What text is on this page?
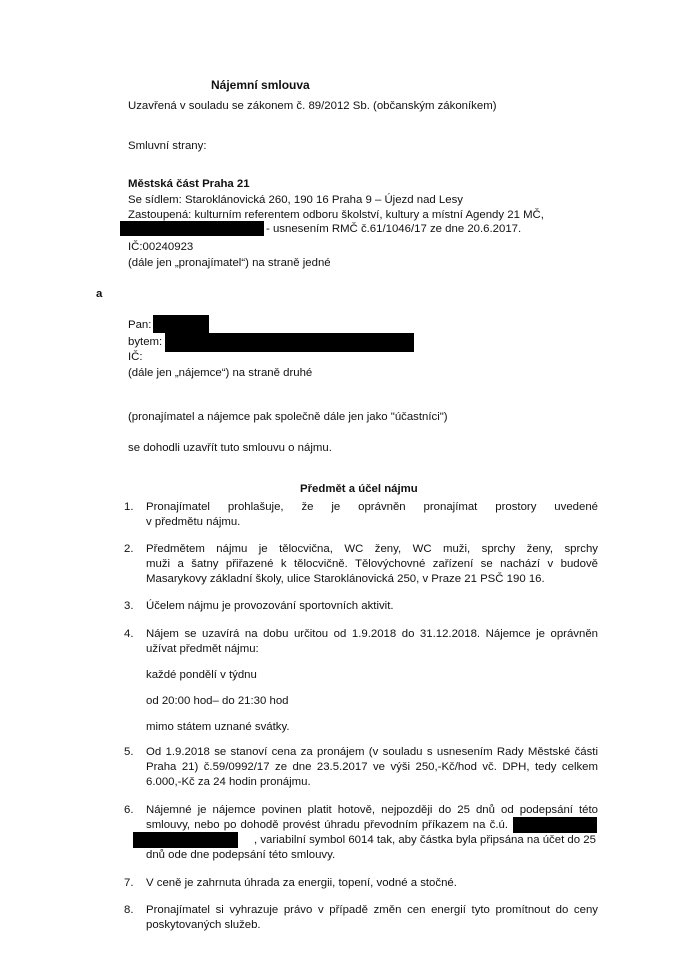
Nájemní smlouva
Uzavřená v souladu se zákonem č. 89/2012 Sb. (občanským zákoníkem)
Smluvní strany:
Městská část Praha 21
Se sídlem: Staroklánovická 260, 190 16 Praha 9 – Újezd nad Lesy
Zastoupená: kulturním referentem odboru školství, kultury a místní Agendy 21 MČ,
- usnesením RMČ č.61/1046/17 ze dne 20.6.2017.
IČ:00240923
(dále jen „pronajímatel“) na straně jedné
a
Pan:
bytem:
IČ:
(dále jen „nájemce“) na straně druhé
(pronajímatel a nájemce pak společně dále jen jako "účastníci")
se dohodli uzavřít tuto smlouvu o nájmu.
Předmět a účel nájmu
1. Pronajímatel prohlašuje, že je oprávněn pronajímat prostory uvedené
v předmětu nájmu.
2. Předmětem nájmu je tělocvična, WC ženy, WC muži, sprchy ženy, sprchy
muži a šatny přiřazené k tělocvičně. Tělovýchovné zařízení se nachází v budově
Masarykovy základní školy, ulice Staroklánovická 250, v Praze 21 PSČ 190 16.
3. Účelem nájmu je provozování sportovních aktivit.
4. Nájem se uzavírá na dobu určitou od 1.9.2018 do 31.12.2018. Nájemce je oprávněn
užívat předmět nájmu:
každé pondělí v týdnu
od 20:00 hod– do 21:30 hod
mimo státem uznané svátky.
5. Od 1.9.2018 se stanoví cena za pronájem (v souladu s usnesením Rady Městské části
Praha 21) č.59/0992/17 ze dne 23.5.2017 ve výši 250,-Kč/hod vč. DPH, tedy celkem
6.000,-Kč za 24 hodin pronájmu.
6. Nájemné je nájemce povinen platit hotově, nejpozději do 25 dnů od podepsání této
smlouvy, nebo po dohodě provést úhradu převodním příkazem na č.ú.
, variabilní symbol 6014 tak, aby částka byla připsána na účet do 25
dnů ode dne podepsání této smlouvy.
7. V ceně je zahrnuta úhrada za energii, topení, vodné a stočné.
8. Pronajímatel si vyhrazuje právo v případě změn cen energií tyto promítnout do ceny
poskytovaných služeb.
